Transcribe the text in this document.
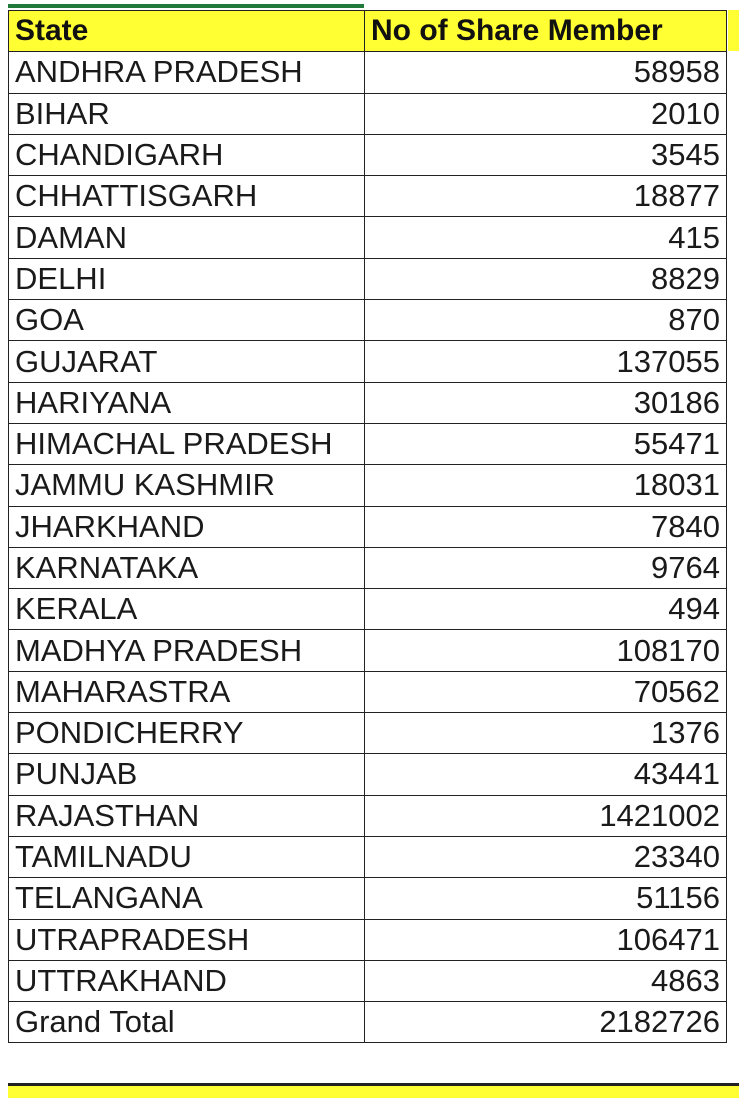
State	No of Share Member
ANDHRA PRADESH	58958
BIHAR	2010
CHANDIGARH	3545
CHHATTISGARH	18877
DAMAN	415
DELHI	8829
GOA	870
GUJARAT	137055
HARIYANA	30186
HIMACHAL PRADESH	55471
JAMMU KASHMIR	18031
JHARKHAND	7840
KARNATAKA	9764
KERALA	494
MADHYA PRADESH	108170
MAHARASTRA	70562
PONDICHERRY	1376
PUNJAB	43441
RAJASTHAN	1421002
TAMILNADU	23340
TELANGANA	51156
UTRAPRADESH	106471
UTTRAKHAND	4863
Grand Total	2182726
